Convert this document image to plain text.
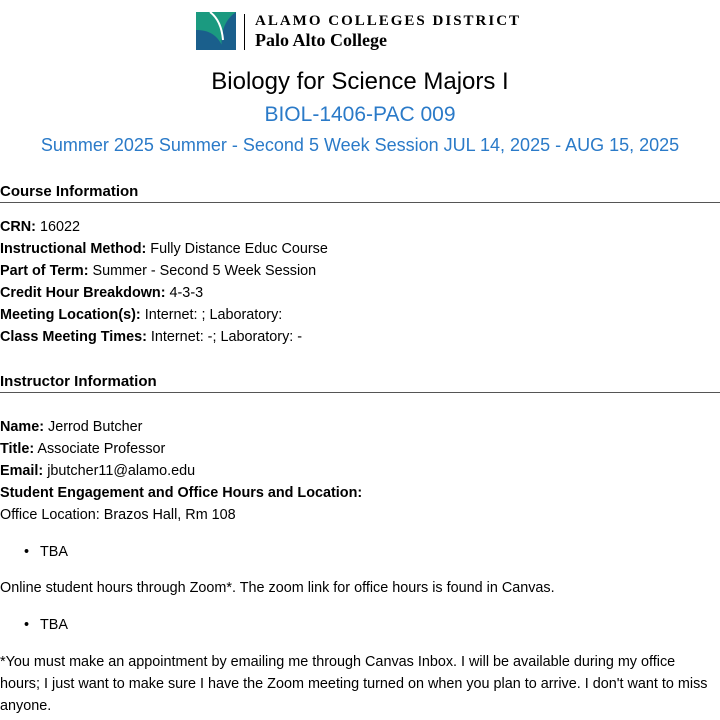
ALAMO COLLEGES DISTRICT
Palo Alto College
Biology for Science Majors I
BIOL-1406-PAC 009
Summer 2025 Summer - Second 5 Week Session JUL 14, 2025 - AUG 15, 2025
Course Information
CRN: 16022
Instructional Method: Fully Distance Educ Course
Part of Term: Summer - Second 5 Week Session
Credit Hour Breakdown: 4-3-3
Meeting Location(s): Internet: ; Laboratory:
Class Meeting Times: Internet: -; Laboratory: -
Instructor Information
Name: Jerrod Butcher
Title: Associate Professor
Email: jbutcher11@alamo.edu
Student Engagement and Office Hours and Location:
Office Location: Brazos Hall, Rm 108
• TBA
Online student hours through Zoom*. The zoom link for office hours is found in Canvas.
• TBA
*You must make an appointment by emailing me through Canvas Inbox. I will be available during my office hours; I just want to make sure I have the Zoom meeting turned on when you plan to arrive. I don't want to miss anyone.
